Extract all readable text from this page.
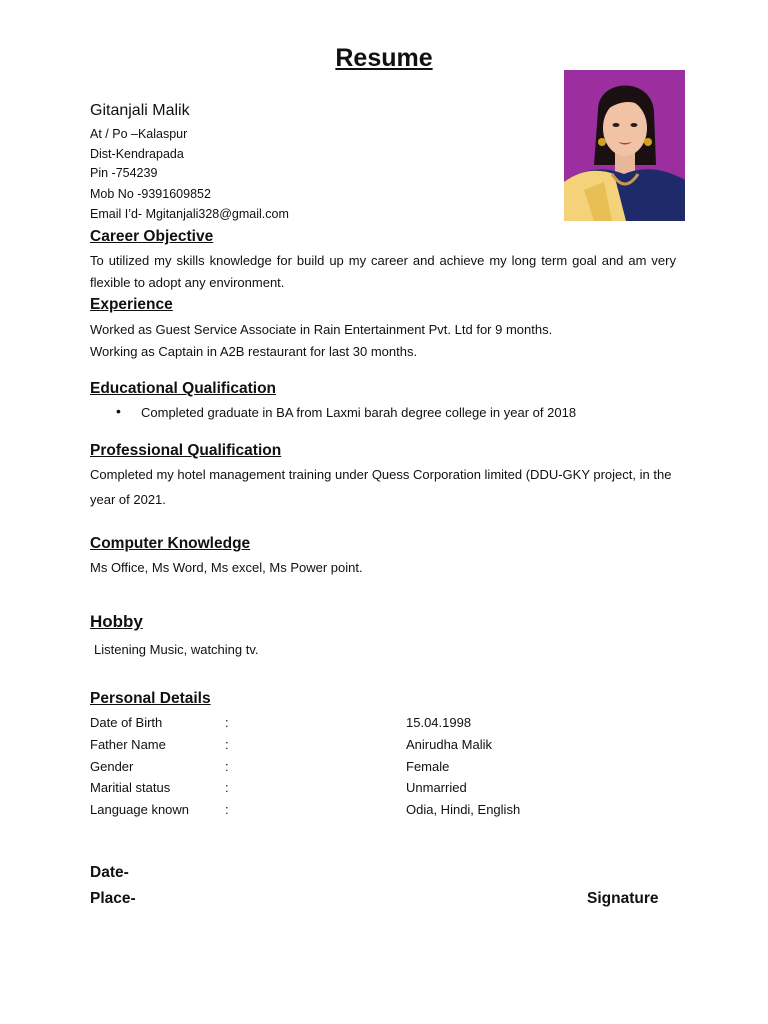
Resume
Gitanjali Malik
At / Po –Kalaspur
Dist-Kendrapada
Pin -754239
Mob No -9391609852
Email I’d- Mgitanjali328@gmail.com
Career Objective
To utilized my skills knowledge for build up my career and achieve my long term goal and am very flexible to adopt any environment.
Experience
Worked as Guest Service Associate in Rain Entertainment Pvt. Ltd for 9 months.
Working as Captain in A2B restaurant for last 30 months.
Educational Qualification
• Completed graduate in BA from Laxmi barah degree college in year of 2018
Professional Qualification
Completed my hotel management training under Quess Corporation limited (DDU-GKY project, in the year of 2021.
Computer Knowledge
Ms Office, Ms Word, Ms excel, Ms Power point.
Hobby
Listening Music, watching tv.
Personal Details
Date of Birth	:	15.04.1998
Father Name	:	Anirudha Malik
Gender	:	Female
Maritial status	:	Unmarried
Language known	:	Odia, Hindi, English
Date-
Place-	Signature
